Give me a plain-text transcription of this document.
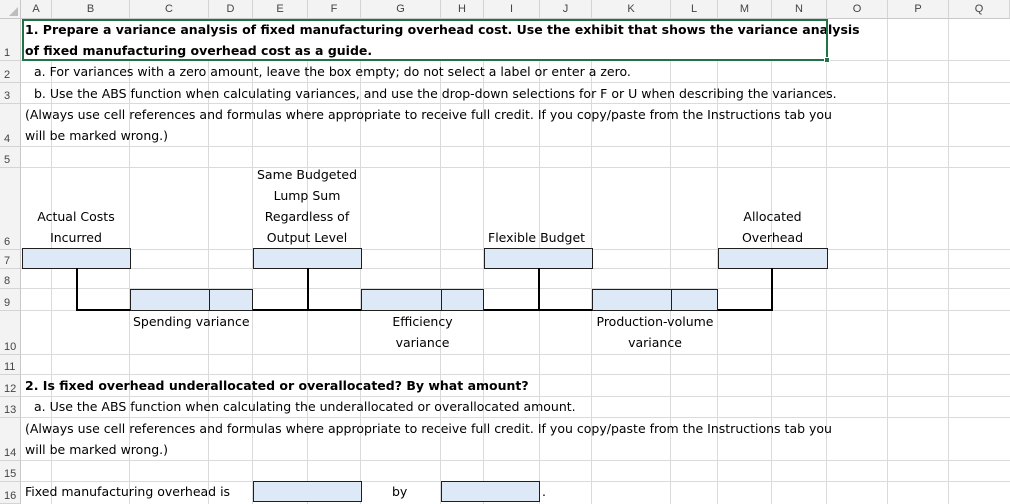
A	B	C	D	E	F	G	H	I	J	K	L	M	N	O	P	Q
1
2
3
4
5
6
7
8
9
10
11
12
13
14
15
16
1. Prepare a variance analysis of fixed manufacturing overhead cost. Use the exhibit that shows the variance analysis
of fixed manufacturing overhead cost as a guide.
a. For variances with a zero amount, leave the box empty; do not select a label or enter a zero.
b. Use the ABS function when calculating variances, and use the drop-down selections for F or U when describing the variances.
(Always use cell references and formulas where appropriate to receive full credit. If you copy/paste from the Instructions tab you
will be marked wrong.)
Actual Costs
Incurred
Same Budgeted
Lump Sum
Regardless of
Output Level	Flexible Budget
Allocated
Overhead
Spending variance	Efficiency
variance
Production-volume
variance
2. Is fixed overhead underallocated or overallocated? By what amount?
a. Use the ABS function when calculating the underallocated or overallocated amount.
(Always use cell references and formulas where appropriate to receive full credit. If you copy/paste from the Instructions tab you
will be marked wrong.)
Fixed manufacturing overhead is	by	.
